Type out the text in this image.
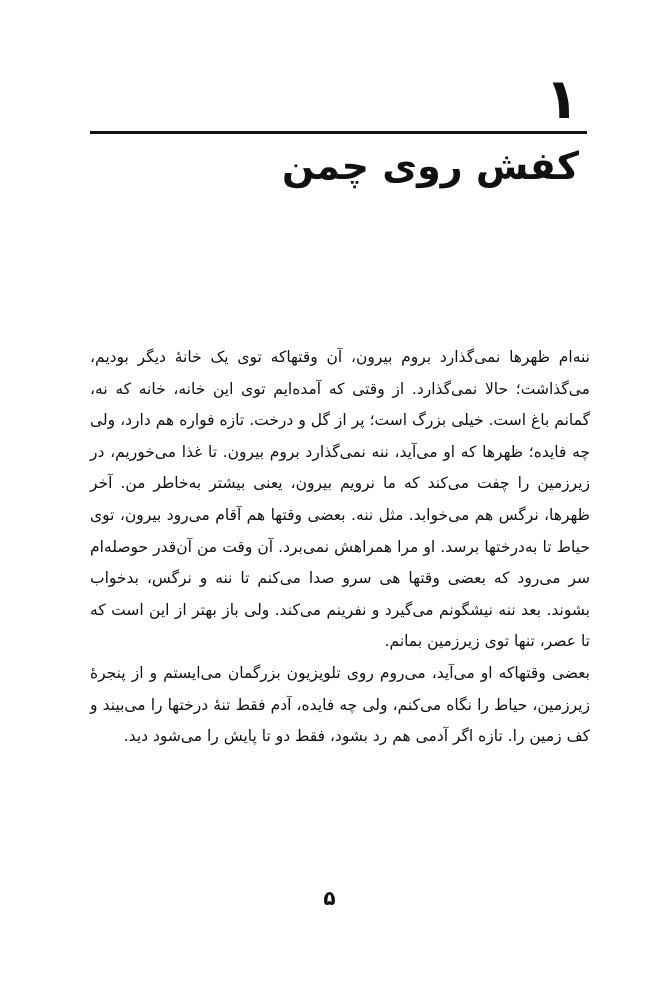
۱
کفش روی چمن

ننه‌ام ظهرها نمی‌گذارد بروم بیرون، آن وقتهاکه توی یک خانهٔ دیگر بودیم، می‌گذاشت؛ حالا نمی‌گذارد. از وقتی که آمده‌ایم توی این خانه، خانه که نه، گمانم باغ است. خیلی بزرگ است؛ پر از گل و درخت. تازه فواره هم دارد، ولی چه فایده؛ ظهرها که او می‌آید، ننه نمی‌گذارد بروم بیرون. تا غذا می‌خوریم، در زیرزمین را چفت می‌کند که ما نرویم بیرون، یعنی بیشتر به‌خاطر من. آخر ظهرها، نرگس هم می‌خوابد. مثل ننه. بعضی وقتها هم آقام می‌رود بیرون، توی حیاط تا به‌درختها برسد. او مرا همراهش نمی‌برد. آن وقت من آن‌قدر حوصله‌ام سر می‌رود که بعضی وقتها هی سرو صدا می‌کنم تا ننه و نرگس، بدخواب بشوند. بعد ننه نیشگونم می‌گیرد و نفرینم می‌کند. ولی باز بهتر از این است که تا عصر، تنها توی زیرزمین بمانم.

بعضی وقتهاکه او می‌آید، می‌روم روی تلویزیون بزرگمان می‌ایستم و از پنجرهٔ زیرزمین، حیاط را نگاه می‌کنم، ولی چه فایده، آدم فقط تنهٔ درختها را می‌بیند و کف زمین را. تازه اگر آدمی هم رد بشود، فقط دو تا پایش را می‌شود دید.

۵
